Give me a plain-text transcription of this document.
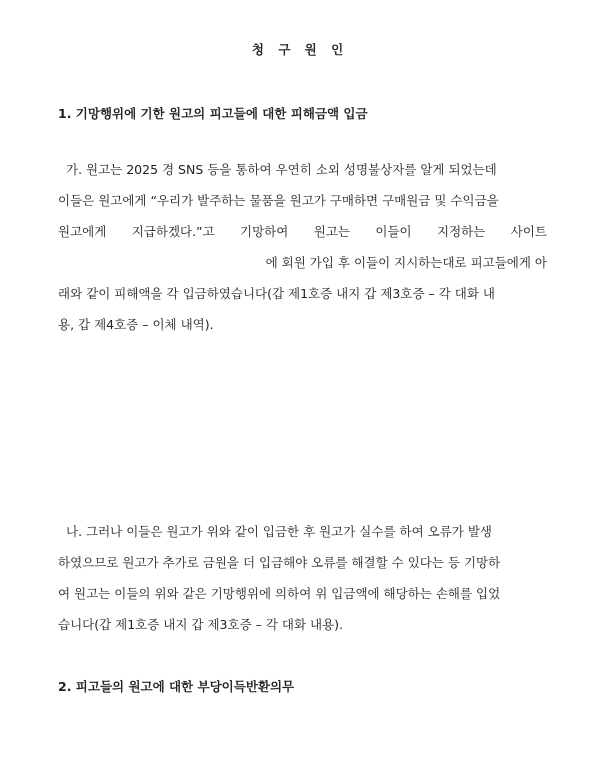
청 구 원 인
1. 기망행위에 기한 원고의 피고들에 대한 피해금액 입금
가. 원고는 2025 경 SNS 등을 통하여 우연히 소외 성명불상자를 알게 되었는데
이들은 원고에게 “우리가 발주하는 물품을 원고가 구매하면 구매원금 및 수익금을
원고에게 지급하겠다.”고 기망하여 원고는 이들이 지정하는 사이트
에 회원 가입 후 이들이 지시하는대로 피고들에게 아
래와 같이 피해액을 각 입금하였습니다(갑 제1호증 내지 갑 제3호증 – 각 대화 내
용, 갑 제4호증 – 이체 내역).
나. 그러나 이들은 원고가 위와 같이 입금한 후 원고가 실수를 하여 오류가 발생
하였으므로 원고가 추가로 금원을 더 입금해야 오류를 해결할 수 있다는 등 기망하
여 원고는 이들의 위와 같은 기망행위에 의하여 위 입금액에 해당하는 손해를 입었
습니다(갑 제1호증 내지 갑 제3호증 – 각 대화 내용).
2. 피고들의 원고에 대한 부당이득반환의무
